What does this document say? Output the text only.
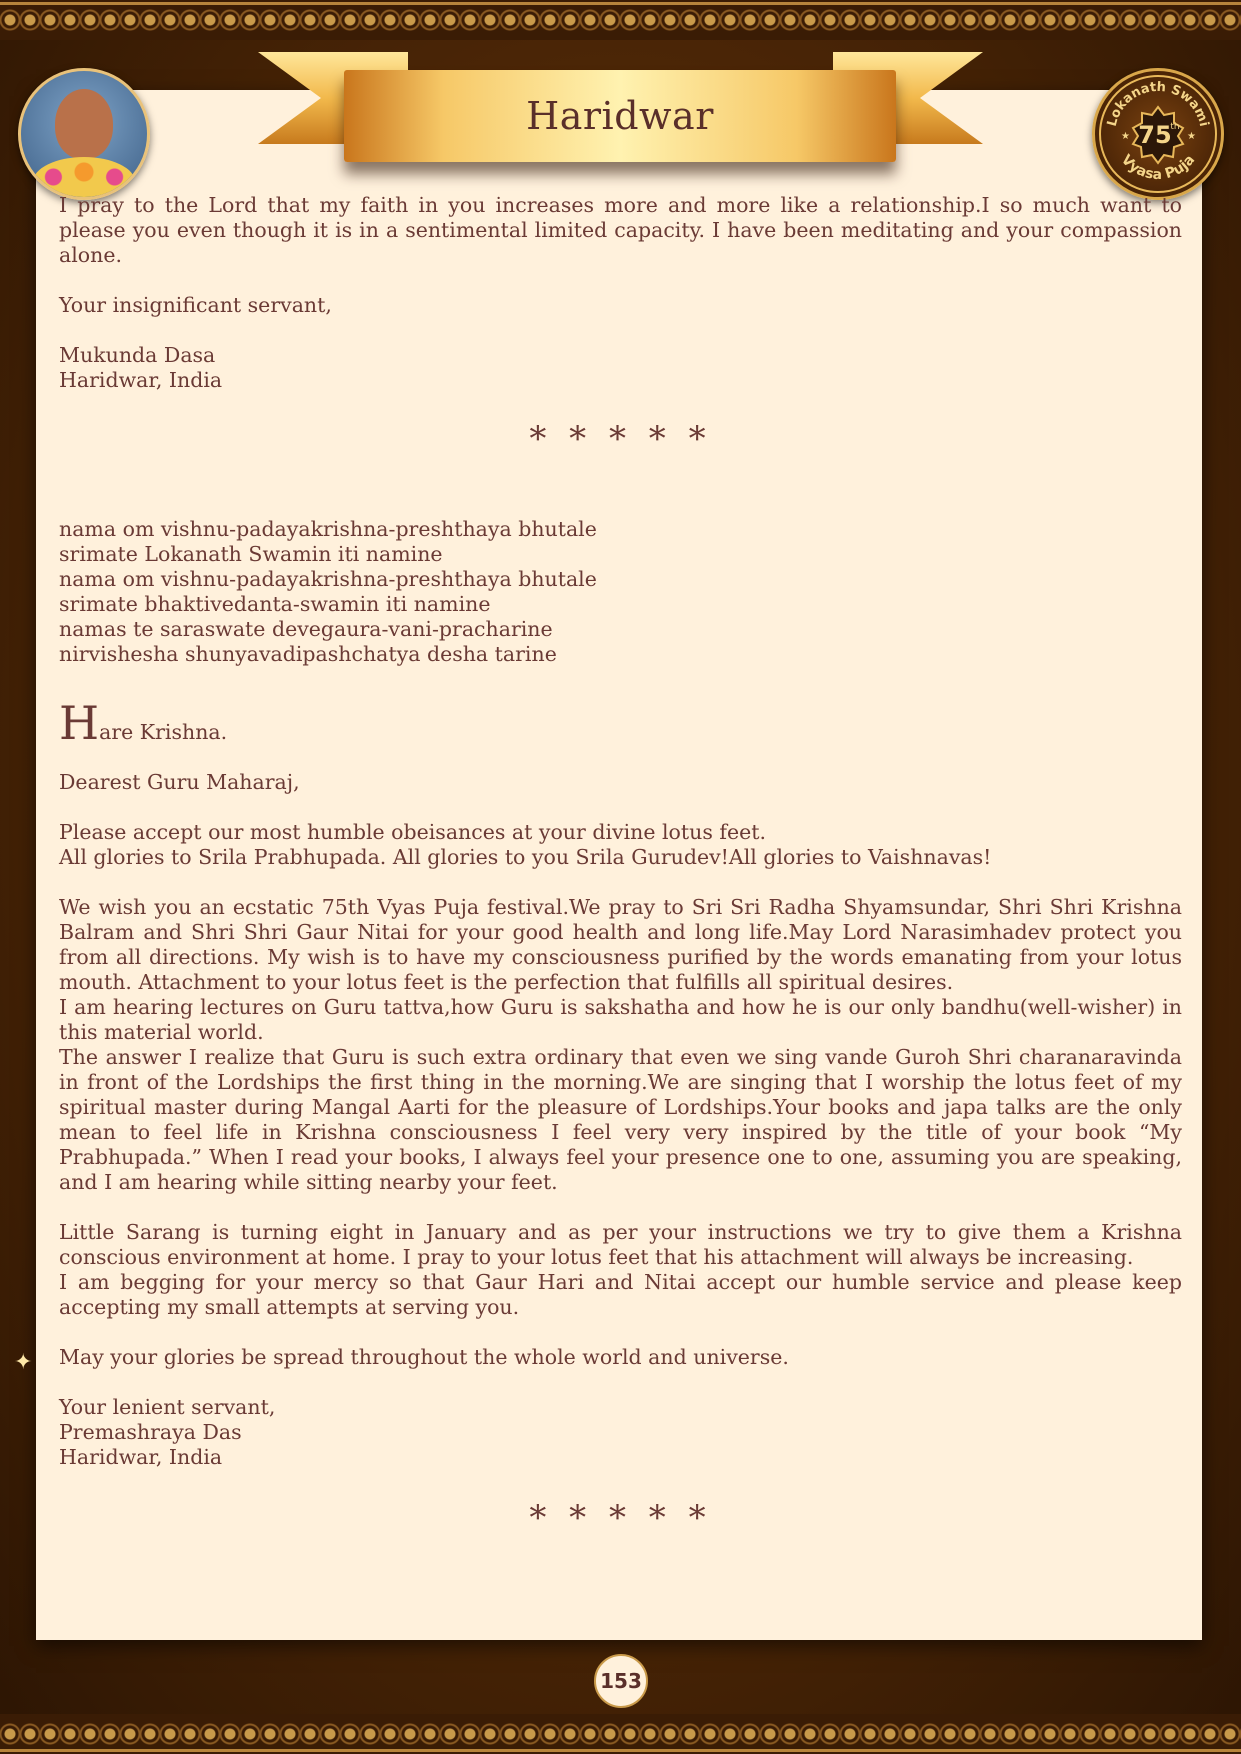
Haridwar	Lokanath Swami
Vyasa Puja
75
th
★	★

I pray to the Lord that my faith in you increases more and more like a relationship.I so much want to please you even though it is in a sentimental limited capacity. I have been meditating and your compassion alone.

Your insignificant servant,

Mukunda Dasa

Haridwar, India

* * * * *

nama om vishnu-padayakrishna-preshthaya bhutale

srimate Lokanath Swamin iti namine

nama om vishnu-padayakrishna-preshthaya bhutale

srimate bhaktivedanta-swamin iti namine

namas te saraswate devegaura-vani-pracharine

nirvishesha shunyavadipashchatya desha tarine

Hare Krishna.

Dearest Guru Maharaj,

Please accept our most humble obeisances at your divine lotus feet.

All glories to Srila Prabhupada. All glories to you Srila Gurudev!All glories to Vaishnavas!

We wish you an ecstatic 75th Vyas Puja festival.We pray to Sri Sri Radha Shyamsundar, Shri Shri Krishna Balram and Shri Shri Gaur Nitai for your good health and long life.May Lord Narasimhadev protect you from all directions. My wish is to have my consciousness purified by the words emanating from your lotus mouth. Attachment to your lotus feet is the perfection that fulfills all spiritual desires.

I am hearing lectures on Guru tattva,how Guru is sakshatha and how he is our only bandhu(well-wisher) in this material world.

The answer I realize that Guru is such extra ordinary that even we sing vande Guroh Shri charanaravinda in front of the Lordships the first thing in the morning.We are singing that I worship the lotus feet of my spiritual master during Mangal Aarti for the pleasure of Lordships.Your books and japa talks are the only mean to feel life in Krishna consciousness I feel very very inspired by the title of your book “My Prabhupada.” When I read your books, I always feel your presence one to one, assuming you are speaking, and I am hearing while sitting nearby your feet.

Little Sarang is turning eight in January and as per your instructions we try to give them a Krishna conscious environment at home. I pray to your lotus feet that his attachment will always be increasing.

I am begging for your mercy so that Gaur Hari and Nitai accept our humble service and please keep accepting my small attempts at serving you.

May your glories be spread throughout the whole world and universe.

Your lenient servant,

Premashraya Das

Haridwar, India

* * * * *

✦
153
